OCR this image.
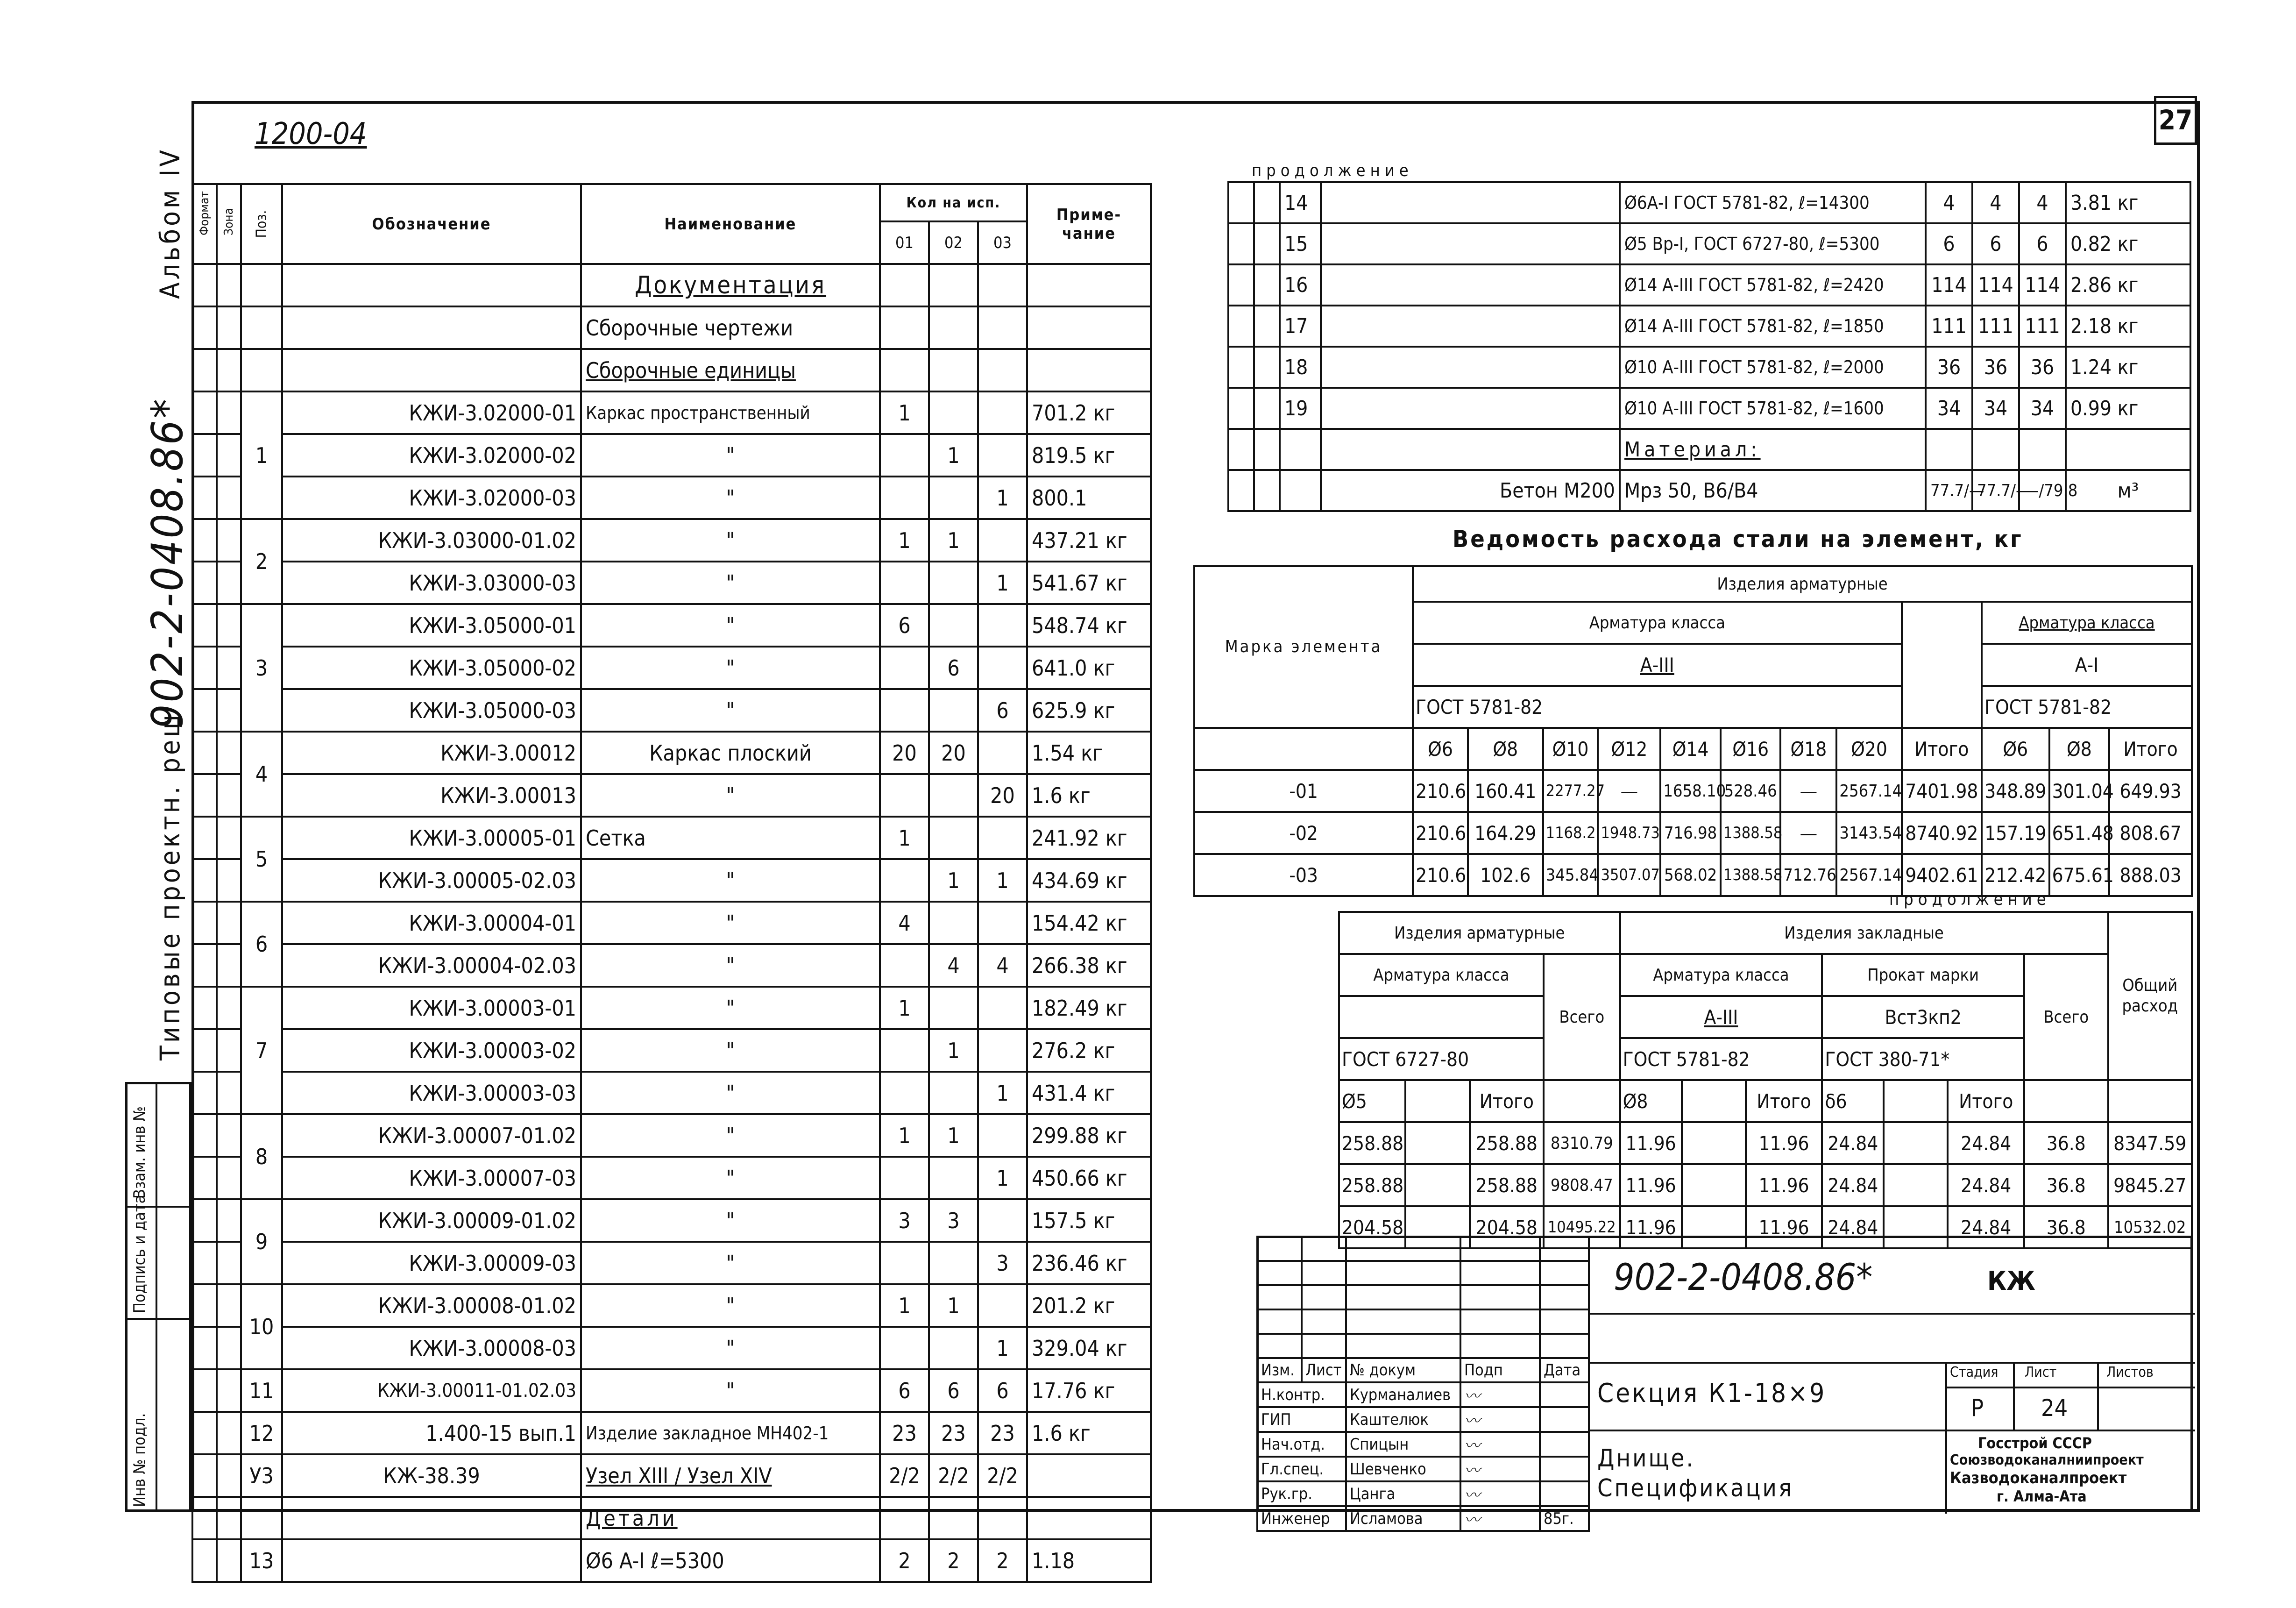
27
1200-04
Альбом IV
902-2-0408.86*
Типовые проектн. реш
Инв № подл.
Подпись и дата
Взам. инв №
Формат	Зона	Поз.	Обозначение	Наименование	Кол на исп.			Приме-чание
					01	02	03	
				Документация				
				Сборочные чертежи				
				Сборочные единицы				
		1	КЖИ-3.02000-01	Каркас пространственный	1			701.2 кг
			КЖИ-3.02000-02	"		1		819.5 кг
			КЖИ-3.02000-03	"			1	800.1
		2	КЖИ-3.03000-01.02	"	1	1		437.21 кг
			КЖИ-3.03000-03	"			1	541.67 кг
		3	КЖИ-3.05000-01	"	6			548.74 кг
			КЖИ-3.05000-02	"		6		641.0 кг
			КЖИ-3.05000-03	"			6	625.9 кг
		4	КЖИ-3.00012	Каркас плоский	20	20		1.54 кг
			КЖИ-3.00013	"			20	1.6 кг
		5	КЖИ-3.00005-01	Сетка	1			241.92 кг
			КЖИ-3.00005-02.03	"		1	1	434.69 кг
		6	КЖИ-3.00004-01	"	4			154.42 кг
			КЖИ-3.00004-02.03	"		4	4	266.38 кг
		7	КЖИ-3.00003-01	"	1			182.49 кг
			КЖИ-3.00003-02	"		1		276.2 кг
			КЖИ-3.00003-03	"			1	431.4 кг
		8	КЖИ-3.00007-01.02	"	1	1		299.88 кг
			КЖИ-3.00007-03	"			1	450.66 кг
		9	КЖИ-3.00009-01.02	"	3	3		157.5 кг
			КЖИ-3.00009-03	"			3	236.46 кг
		10	КЖИ-3.00008-01.02	"	1	1		201.2 кг
			КЖИ-3.00008-03	"			1	329.04 кг
		11	КЖИ-3.00011-01.02.03	"	6	6	6	17.76 кг
		12	1.400-15 вып.1	Изделие закладное МН402-1	23	23	23	1.6 кг
		У3	КЖ-38.39	Узел XIII / Узел XIV	2/2	2/2	2/2	
				Детали				
		13		Ø6 A-I ℓ=5300	2	2	2	1.18
продолжение
		14		Ø6А-I ГОСТ 5781-82, ℓ=14300	4	4	4	3.81 кг
		15		Ø5 Вр-I, ГОСТ 6727-80, ℓ=5300	6	6	6	0.82 кг
		16		Ø14 А-III ГОСТ 5781-82, ℓ=2420	114	114	114	2.86 кг
		17		Ø14 А-III ГОСТ 5781-82, ℓ=1850	111	111	111	2.18 кг
		18		Ø10 А-III ГОСТ 5781-82, ℓ=2000	36	36	36	1.24 кг
		19		Ø10 А-III ГОСТ 5781-82, ℓ=1600	34	34	34	0.99 кг
				Материал:				
			Бетон М200	Мрз 50, В6/В4	77.7/—	77.7/—	—/79.8	м³
Ведомость расхода стали на элемент, кг
Марка элемента	Изделия арматурные											
	Арматура класса									Арматура класса		
	А-III									А-I		
	ГОСТ 5781-82									ГОСТ 5781-82		
	Ø6	Ø8	Ø10	Ø12	Ø14	Ø16	Ø18	Ø20	Итого	Ø6	Ø8	Итого
-01	210.6	160.41	2277.27	—	1658.10	528.46	—	2567.14	7401.98	348.89	301.04	649.93
-02	210.6	164.29	1168.2	1948.73	716.98	1388.58	—	3143.54	8740.92	157.19	651.48	808.67
-03	210.6	102.6	345.84	3507.07	568.02	1388.58	712.76	2567.14	9402.61	212.42	675.61	888.03
продолжение
Изделия арматурные				Изделия закладные							Общий расход
Арматура класса			Всего	Арматура класса			Прокат марки			Всего	
				А-III			Вст3кп2				
ГОСТ 6727-80				ГОСТ 5781-82			ГОСТ 380-71*				
Ø5		Итого		Ø8		Итого	δ6		Итого		
258.88		258.88	8310.79	11.96		11.96	24.84		24.84	36.8	8347.59
258.88		258.88	9808.47	11.96		11.96	24.84		24.84	36.8	9845.27
204.58		204.58	10495.22	11.96		11.96	24.84		24.84	36.8	10532.02

Изм.	Лист	№ докум	Подп	Дата
Н.контр.		Курманалиев	〰	
ГИП		Каштелюк	〰	
Нач.отд.		Спицын	〰	
Гл.спец.		Шевченко	〰	
Рук.гр.		Цанга	〰	
Инженер		Исламова	〰	85г.
902-2-0408.86*	КЖ
Секция К1-18×9
Днище. Спецификация
Стадия Лист	Листов
Р 24
Госстрой СССР
Союзводоканалниипроект
Казводоканалпроект
г. Алма-Ата
